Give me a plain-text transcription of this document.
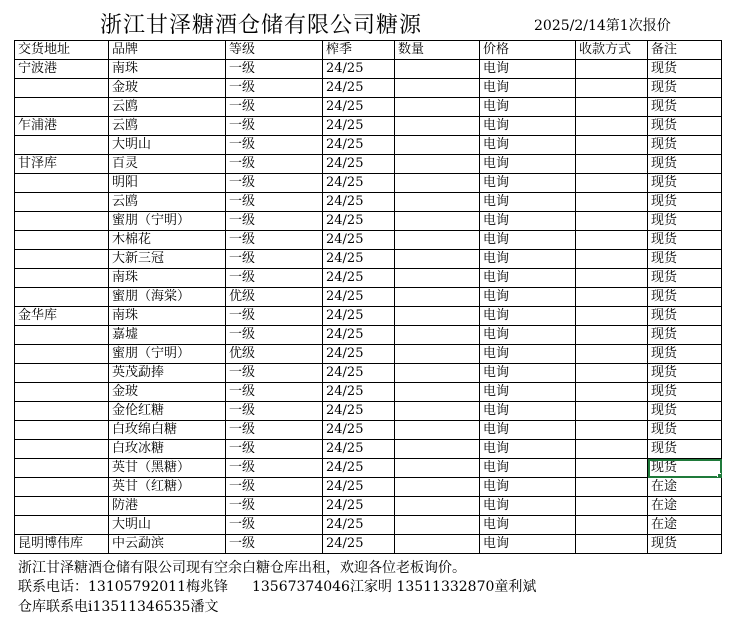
浙江甘泽糖酒仓储有限公司糖源	2025/2/14第1次报价
交货地址	品牌	等级	榨季	数量	价格	收款方式	备注
宁波港	南珠	一级	24/25		电询		现货
	金玻	一级	24/25		电询		现货
	云鸥	一级	24/25		电询		现货
乍浦港	云鸥	一级	24/25		电询		现货
	大明山	一级	24/25		电询		现货
甘泽库	百灵	一级	24/25		电询		现货
	明阳	一级	24/25		电询		现货
	云鸥	一级	24/25		电询		现货
	蜜朋（宁明）	一级	24/25		电询		现货
	木棉花	一级	24/25		电询		现货
	大新三冠	一级	24/25		电询		现货
	南珠	一级	24/25		电询		现货
	蜜朋（海棠）	优级	24/25		电询		现货
金华库	南珠	一级	24/25		电询		现货
	嘉墟	一级	24/25		电询		现货
	蜜朋（宁明）	优级	24/25		电询		现货
	英茂勐捧	一级	24/25		电询		现货
	金玻	一级	24/25		电询		现货
	金伦红糖	一级	24/25		电询		现货
	白玫绵白糖	一级	24/25		电询		现货
	白玫冰糖	一级	24/25		电询		现货
	英甘（黑糖）	一级	24/25		电询		现货

	英甘（红糖）	一级	24/25		电询		在途
	防港	一级	24/25		电询		在途
	大明山	一级	24/25		电询		在途
昆明博伟库	中云勐滨	一级	24/25		电询		现货
浙江甘泽糖酒仓储有限公司现有空余白糖仓库出租，欢迎各位老板询价。
联系电话：13105792011梅兆锋 13567374046江家明 13511332870童利斌
仓库联系电i13511346535潘文
